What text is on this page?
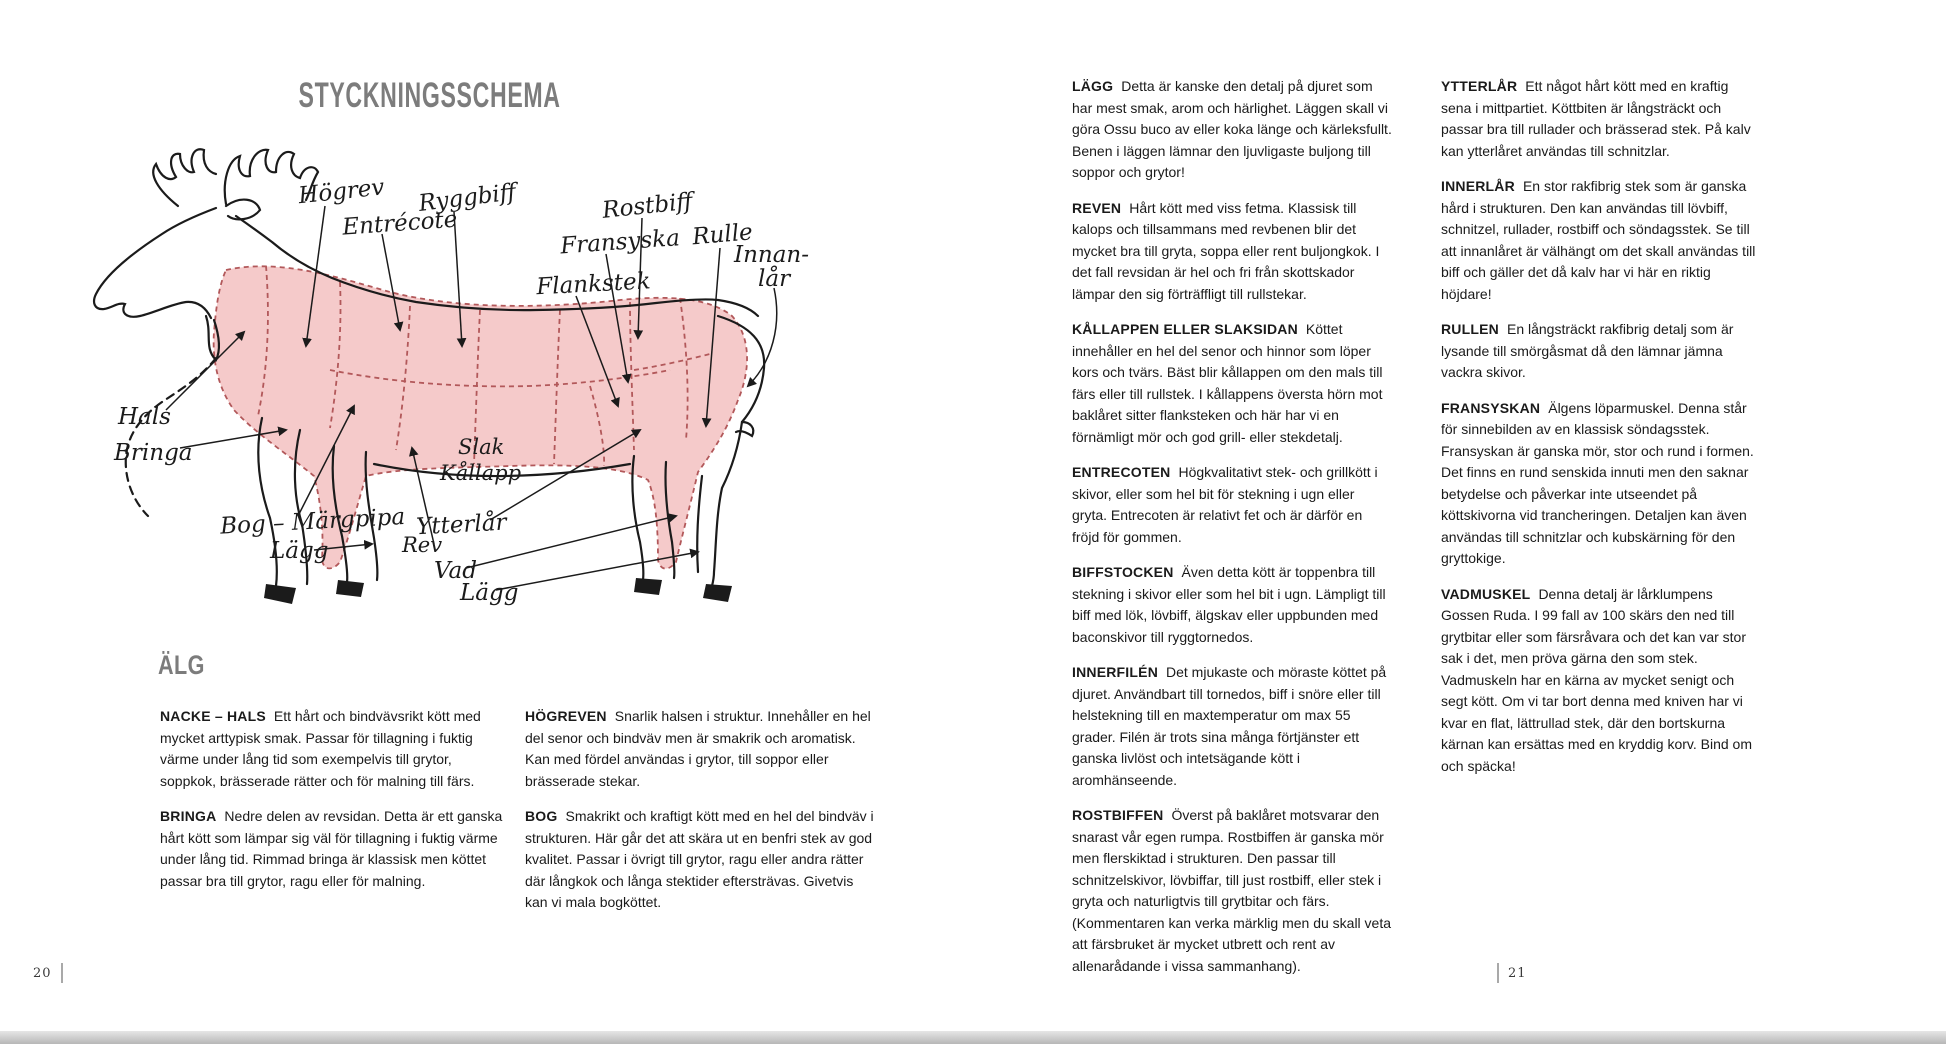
STYCKNINGSSCHEMA
Högrev
Entrécote
Ryggbiff	Rostbiff
Fransyska
Flankstek
Rulle
Innan-
lår
Hals
Bringa	Slak
Kållapp
Bog – Märgpipa
Lägg
Ytterlår
Rev
Vad
Lägg
ÄLG

NACKE – HALS Ett hårt och bindvävsrikt kött med mycket arttypisk smak. Passar för tillagning i fuktig värme under lång tid som exempelvis till grytor, soppkok, brässerade rätter och för malning till färs.

BRINGA Nedre delen av revsidan. Detta är ett ganska hårt kött som lämpar sig väl för tillagning i fuktig värme under lång tid. Rimmad bringa är klassisk men köttet passar bra till grytor, ragu eller för malning.

HÖGREVEN Snarlik halsen i struktur. Innehåller en hel del senor och bindväv men är smakrik och aromatisk. Kan med fördel användas i grytor, till soppor eller brässerade stekar.

BOG Smakrikt och kraftigt kött med en hel del bindväv i strukturen. Här går det att skära ut en benfri stek av god kvalitet. Passar i övrigt till grytor, ragu eller andra rätter där långkok och långa stektider eftersträvas. Givetvis kan vi mala bogköttet.

20

LÄGG Detta är kanske den detalj på djuret som har mest smak, arom och härlighet. Läggen skall vi göra Ossu buco av eller koka länge och kärleksfullt. Benen i läggen lämnar den ljuvligaste buljong till soppor och grytor!

REVEN Hårt kött med viss fetma. Klassisk till kalops och tillsammans med revbenen blir det mycket bra till gryta, soppa eller rent buljongkok. I det fall revsidan är hel och fri från skottskador lämpar den sig förträffligt till rullstekar.

KÅLLAPPEN ELLER SLAKSIDAN Köttet innehåller en hel del senor och hinnor som löper kors och tvärs. Bäst blir kållappen om den mals till färs eller till rullstek. I kållappens översta hörn mot baklåret sitter flanksteken och här har vi en förnämligt mör och god grill- eller stekdetalj.

ENTRECOTEN Högkvalitativt stek- och grillkött i skivor, eller som hel bit för stekning i ugn eller gryta. Entrecoten är relativt fet och är därför en fröjd för gommen.

BIFFSTOCKEN Även detta kött är toppenbra till stekning i skivor eller som hel bit i ugn. Lämpligt till biff med lök, lövbiff, älgskav eller uppbunden med baconskivor till ryggtornedos.

INNERFILÉN Det mjukaste och möraste köttet på djuret. Användbart till tornedos, biff i snöre eller till helstekning till en maxtemperatur om max 55 grader. Filén är trots sina många förtjänster ett ganska livlöst och intetsägande kött i aromhänseende.

ROSTBIFFEN Överst på baklåret motsvarar den snarast vår egen rumpa. Rostbiffen är ganska mör men flerskiktad i strukturen. Den passar till schnitzelskivor, lövbiffar, till just rostbiff, eller stek i gryta och naturligtvis till grytbitar och färs. (Kommentaren kan verka märklig men du skall veta att färsbruket är mycket utbrett och rent av allenarådande i vissa sammanhang).

YTTERLÅR Ett något hårt kött med en kraftig sena i mittpartiet. Köttbiten är långsträckt och passar bra till rullader och brässerad stek. På kalv kan ytterlåret användas till schnitzlar.

INNERLÅR En stor rakfibrig stek som är ganska hård i strukturen. Den kan användas till lövbiff, schnitzel, rullader, rostbiff och söndagsstek. Se till att innanlåret är välhängt om det skall användas till biff och gäller det då kalv har vi här en riktig höjdare!

RULLEN En långsträckt rakfibrig detalj som är lysande till smörgåsmat då den lämnar jämna vackra skivor.

FRANSYSKAN Älgens löparmuskel. Denna står för sinnebilden av en klassisk söndagsstek. Fransyskan är ganska mör, stor och rund i formen. Det finns en rund senskida innuti men den saknar betydelse och påverkar inte utseendet på köttskivorna vid trancheringen. Detaljen kan även användas till schnitzlar och kubskärning för den gryttokige.

VADMUSKEL Denna detalj är lårklumpens Gossen Ruda. I 99 fall av 100 skärs den ned till grytbitar eller som färsråvara och det kan var stor sak i det, men pröva gärna den som stek. Vadmuskeln har en kärna av mycket senigt och segt kött. Om vi tar bort denna med kniven har vi kvar en flat, lättrullad stek, där den bortskurna kärnan kan ersättas med en kryddig korv. Bind om och späcka!

21
